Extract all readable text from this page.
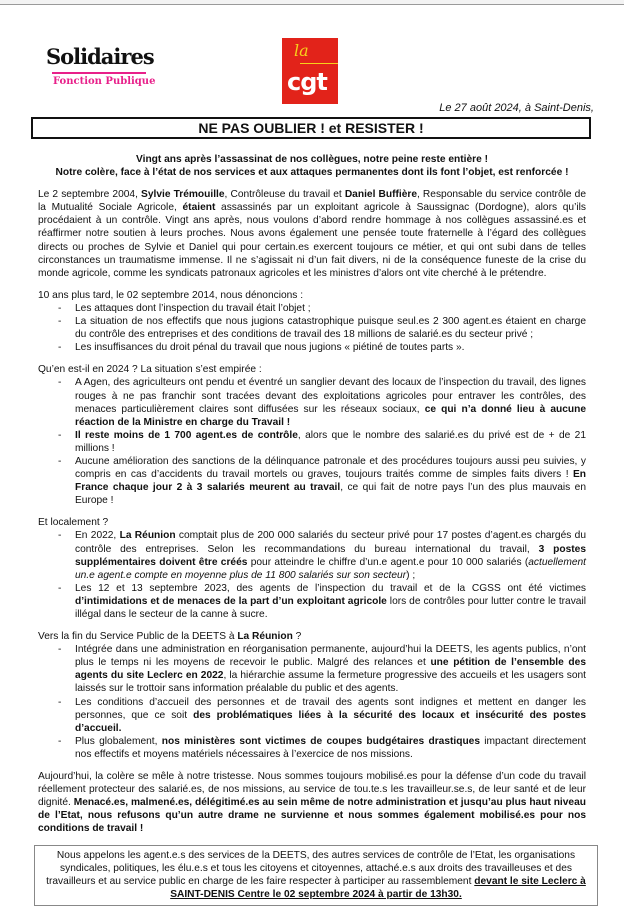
Solidaires
Fonction Publique
la
cgt
Le 27 août 2024, à Saint-Denis,
NE PAS OUBLIER ! et RESISTER !

Vingt ans après l’assassinat de nos collègues, notre peine reste entière !

Notre colère, face à l’état de nos services et aux attaques permanentes dont ils font l’objet, est renforcée !

Le 2 septembre 2004, Sylvie Trémouille, Contrôleuse du travail et Daniel Buffière, Responsable du service contrôle de la Mutualité Sociale Agricole, étaient assassinés par un exploitant agricole à Saussignac (Dordogne), alors qu’ils procédaient à un contrôle. Vingt ans après, nous voulons d’abord rendre hommage à nos collègues assassiné.es et réaffirmer notre soutien à leurs proches. Nous avons également une pensée toute fraternelle à l’égard des collègues directs ou proches de Sylvie et Daniel qui pour certain.es exercent toujours ce métier, et qui ont subi dans de telles circonstances un traumatisme immense. Il ne s’agissait ni d’un fait divers, ni de la conséquence funeste de la crise du monde agricole, comme les syndicats patronaux agricoles et les ministres d’alors ont vite cherché à le prétendre.

10 ans plus tard, le 02 septembre 2014, nous dénoncions :

- Les attaques dont l’inspection du travail était l’objet ;
- La situation de nos effectifs que nous jugions catastrophique puisque seul.es 2 300 agent.es étaient en charge du contrôle des entreprises et des conditions de travail des 18 millions de salarié.es du secteur privé ;
- Les insuffisances du droit pénal du travail que nous jugions « piétiné de toutes parts ».

Qu’en est-il en 2024 ? La situation s’est empirée :

- A Agen, des agriculteurs ont pendu et éventré un sanglier devant des locaux de l’inspection du travail, des lignes rouges à ne pas franchir sont tracées devant des exploitations agricoles pour entraver les contrôles, des menaces particulièrement claires sont diffusées sur les réseaux sociaux, ce qui n’a donné lieu à aucune réaction de la Ministre en charge du Travail !
- Il reste moins de 1 700 agent.es de contrôle, alors que le nombre des salarié.es du privé est de + de 21 millions !
- Aucune amélioration des sanctions de la délinquance patronale et des procédures toujours aussi peu suivies, y compris en cas d’accidents du travail mortels ou graves, toujours traités comme de simples faits divers ! En France chaque jour 2 à 3 salariés meurent au travail, ce qui fait de notre pays l’un des plus mauvais en Europe !

Et localement ?

- En 2022, La Réunion comptait plus de 200 000 salariés du secteur privé pour 17 postes d’agent.es chargés du contrôle des entreprises. Selon les recommandations du bureau international du travail, 3 postes supplémentaires doivent être créés pour atteindre le chiffre d’un.e agent.e pour 10 000 salariés (actuellement un.e agent.e compte en moyenne plus de 11 800 salariés sur son secteur) ;
- Les 12 et 13 septembre 2023, des agents de l’inspection du travail et de la CGSS ont été victimes d’intimidations et de menaces de la part d’un exploitant agricole lors de contrôles pour lutter contre le travail illégal dans le secteur de la canne à sucre.

Vers la fin du Service Public de la DEETS à La Réunion ?

- Intégrée dans une administration en réorganisation permanente, aujourd’hui la DEETS, les agents publics, n’ont plus le temps ni les moyens de recevoir le public. Malgré des relances et une pétition de l’ensemble des agents du site Leclerc en 2022, la hiérarchie assume la fermeture progressive des accueils et les usagers sont laissés sur le trottoir sans information préalable du public et des agents.
- Les conditions d’accueil des personnes et de travail des agents sont indignes et mettent en danger les personnes, que ce soit des problématiques liées à la sécurité des locaux et insécurité des postes d’accueil.
- Plus globalement, nos ministères sont victimes de coupes budgétaires drastiques impactant directement nos effectifs et moyens matériels nécessaires à l’exercice de nos missions.

Aujourd’hui, la colère se mêle à notre tristesse. Nous sommes toujours mobilisé.es pour la défense d’un code du travail réellement protecteur des salarié.es, de nos missions, au service de tou.te.s les travailleur.se.s, de leur santé et de leur dignité. Menacé.es, malmené.es, délégitimé.es au sein même de notre administration et jusqu’au plus haut niveau de l’Etat, nous refusons qu’un autre drame ne survienne et nous sommes également mobilisé.es pour nos conditions de travail !

Nous appelons les agent.e.s des services de la DEETS, des autres services de contrôle de l’Etat, les organisations syndicales, politiques, les élu.e.s et tous les citoyens et citoyennes, attaché.e.s aux droits des travailleuses et des travailleurs et au service public en charge de les faire respecter à participer au rassemblement devant le site Leclerc à SAINT-DENIS Centre le 02 septembre 2024 à partir de 13h30.
